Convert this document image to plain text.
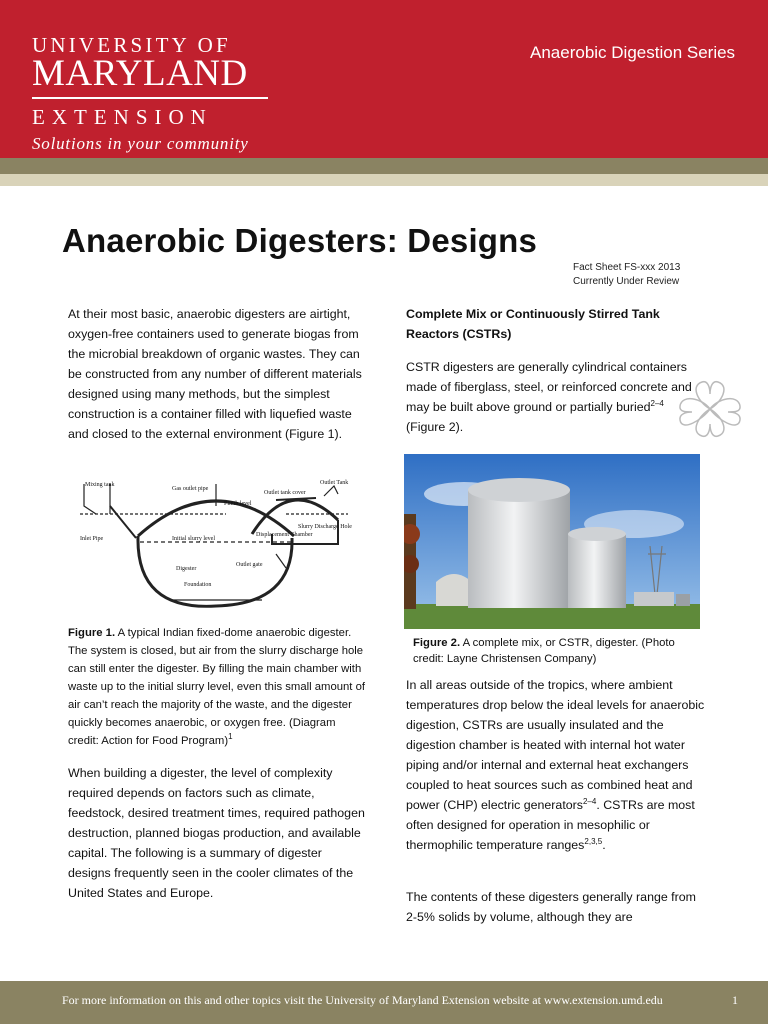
UNIVERSITY OF
MARYLAND
EXTENSION
Solutions in your community
Anaerobic Digestion Series
Anaerobic Digesters: Designs
Fact Sheet FS-xxx 2013
Currently Under Review

At their most basic, anaerobic digesters are airtight, oxygen-free containers used to generate biogas from the microbial breakdown of organic wastes. They can be constructed from any number of different materials designed using many methods, but the simplest construction is a container filled with liquefied waste and closed to the external environment (Figure 1).

Mixing tank
Gas outlet pipe
Outlet tank cover
Outlet Tank
Plinth level
Slurry Discharge Hole
Inlet Pipe	Initial slurry level
Displacement Chamber
Outlet gate
Digester
Foundation

Figure 1. A typical Indian fixed-dome anaerobic digester. The system is closed, but air from the slurry discharge hole can still enter the digester. By filling the main chamber with waste up to the initial slurry level, even this small amount of air can’t reach the majority of the waste, and the digester quickly becomes anaerobic, or oxygen free. (Diagram credit: Action for Food Program)$^1$

When building a digester, the level of complexity required depends on factors such as climate, feedstock, desired treatment times, required pathogen destruction, planned biogas production, and available capital. The following is a summary of digester designs frequently seen in the cooler climates of the United States and Europe.

Complete Mix or Continuously Stirred Tank Reactors (CSTRs)

CSTR digesters are generally cylindrical containers made of fiberglass, steel, or reinforced concrete and may be built above ground or partially buried$^{2-4}$ (Figure 2).

Figure 2. A complete mix, or CSTR, digester. (Photo credit: Layne Christensen Company)

In all areas outside of the tropics, where ambient temperatures drop below the ideal levels for anaerobic digestion, CSTRs are usually insulated and the digestion chamber is heated with internal hot water piping and/or internal and external heat exchangers coupled to heat sources such as combined heat and power (CHP) electric generators$^{2-4}$. CSTRs are most often designed for operation in mesophilic or thermophilic temperature ranges$^{2,3,5}$.

The contents of these digesters generally range from 2-5% solids by volume, although they are

For more information on this and other topics visit the University of Maryland Extension website at www.extension.umd.edu	1
